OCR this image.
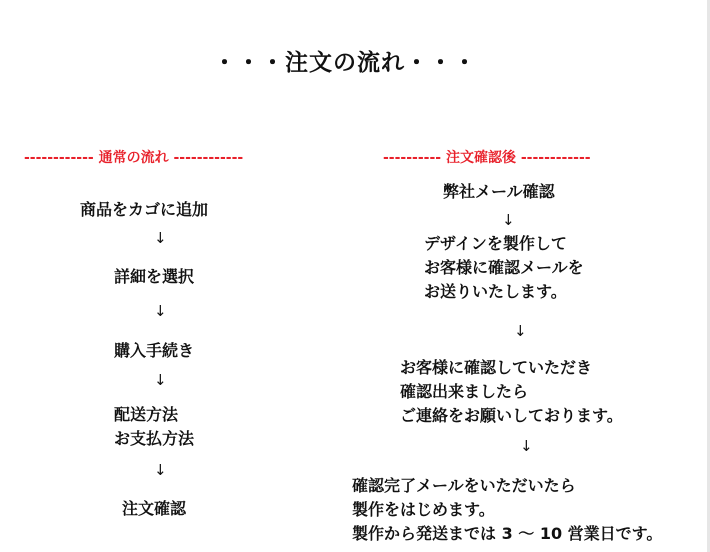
・・・注文の流れ・・・
------------ 通常の流れ ------------
商品をカゴに追加
↓
詳細を選択
↓
購入手続き
↓
配送方法
お支払方法
↓
注文確認
---------- 注文確認後 ------------
弊社メール確認
↓
デザインを製作して
お客様に確認メールを
お送りいたします。
↓
お客様に確認していただき
確認出来ましたら
ご連絡をお願いしております。
↓
確認完了メールをいただいたら
製作をはじめます。
製作から発送までは 3 ～ 10 営業日です。
